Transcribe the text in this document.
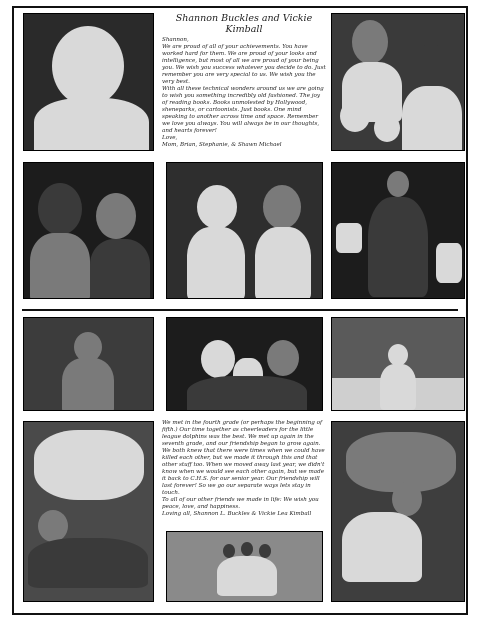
Shannon Buckles and Vickie Kimball
Shannon,

We are proud of all of your achievements. You have worked hard for them. We are proud of your looks and intelligence, but most of all we are proud of your being you. We wish you success whatever you decide to do. Just remember you are very special to us. We wish you the very best.

With all these technical wonders around us we are going to wish you something incredibly old fashioned. The joy of reading books. Books unmolested by Hollywood, sheneparks, or cartoonists. Just books. One mind speaking to another across time and space. Remember we love you always. You will always be in our thoughts, and hearts forever!

Love,
Mom, Brian, Stephanie, & Shawn Michael

We met in the fourth grade (or perhaps the beginning of fifth.) Our time together as cheerleaders for the little league dolphins was the best. We met up again in the seventh grade, and our friendship began to grow again. We both knew that there were times when we could have killed each other, but we made it through this and that other stuff too. When we moved away last year, we didn't know when we would see each other again, but we made it back to C.H.S. for our senior year. Our friendship will last forever! So we go our separate ways lets stay in touch.

To all of our other friends we made in life: We wish you peace, love, and happiness.

Loving all, Shannon L. Buckles & Vickie Lea Kimball
